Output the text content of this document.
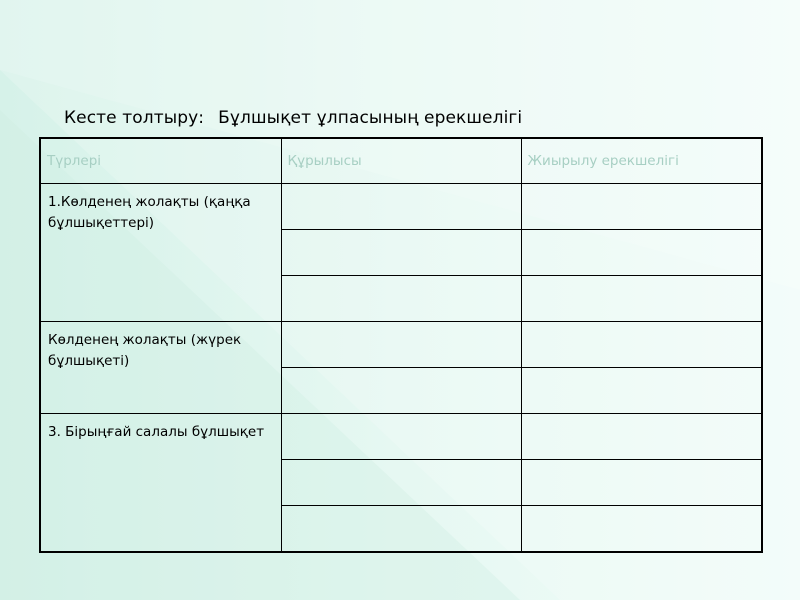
Кесте толтыру: Бұлшықет ұлпасының ерекшелігі
Түрлері	Құрылысы	Жиырылу ерекшелігі
1.Көлденең жолақты (қаңқа бұлшықеттері)		

Көлденең жолақты (жүрек бұлшықеті)		

3. Бірыңғай салалы бұлшықет		
